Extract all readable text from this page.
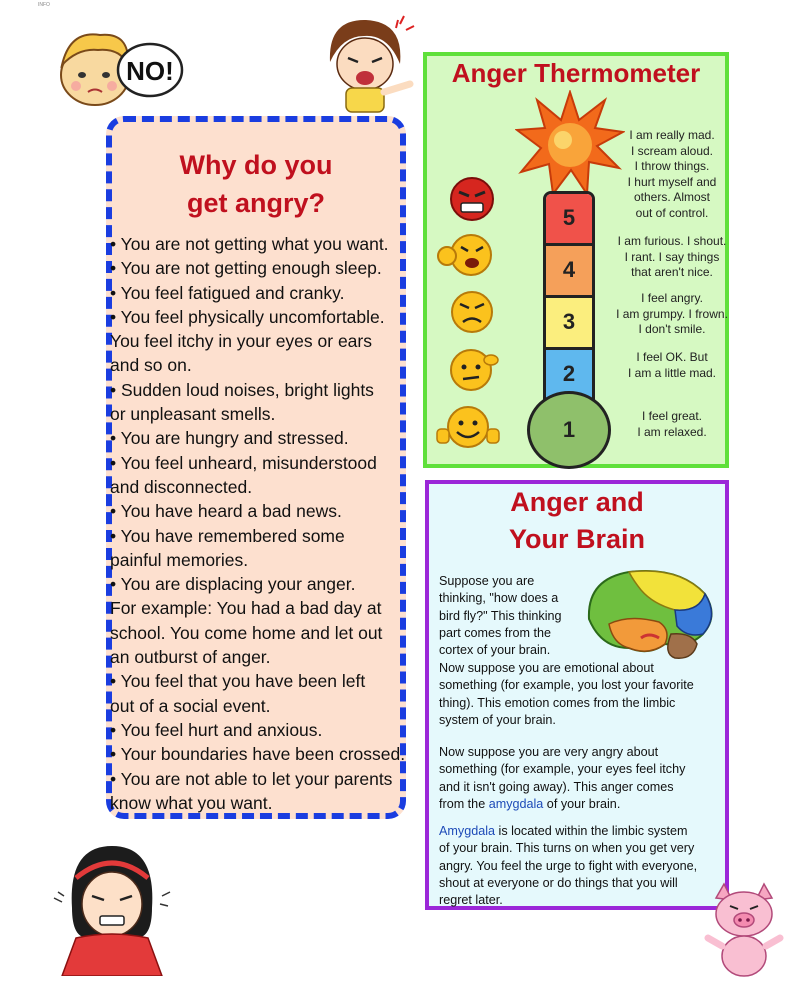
INFO
NO!
Why do you
get angry?
• You are not getting what you want.
• You are not getting enough sleep.
• You feel fatigued and cranky.
• You feel physically uncomfortable.
You feel itchy in your eyes or ears
and so on.
• Sudden loud noises, bright lights
or unpleasant smells.
• You are hungry and stressed.
• You feel unheard, misunderstood
and disconnected.
• You have heard a bad news.
• You have remembered some
painful memories.
• You are displacing your anger.
For example: You had a bad day at
school. You come home and let out
an outburst of anger.
• You feel that you have been left
out of a social event.
• You feel hurt and anxious.
• Your boundaries have been crossed.
• You are not able to let your parents
know what you want.
Anger Thermometer
5
4
3
2
1
I am really mad.
I scream aloud.
I throw things.
I hurt myself and
others. Almost
out of control.
I am furious. I shout.
I rant. I say things
that aren't nice.
I feel angry.
I am grumpy. I frown.
I don't smile.
I feel OK. But
I am a little mad.
I feel great.
I am relaxed.
Anger and
Your Brain
Suppose you are
thinking, "how does a
bird fly?" This thinking
part comes from the
cortex of your brain.
Now suppose you are emotional about
something (for example, you lost your favorite
thing). This emotion comes from the limbic
system of your brain.
Now suppose you are very angry about
something (for example, your eyes feel itchy
and it isn't going away). This anger comes
from the amygdala of your brain.
Amygdala is located within the limbic system
of your brain. This turns on when you get very
angry. You feel the urge to fight with everyone,
shout at everyone or do things that you will
regret later.
